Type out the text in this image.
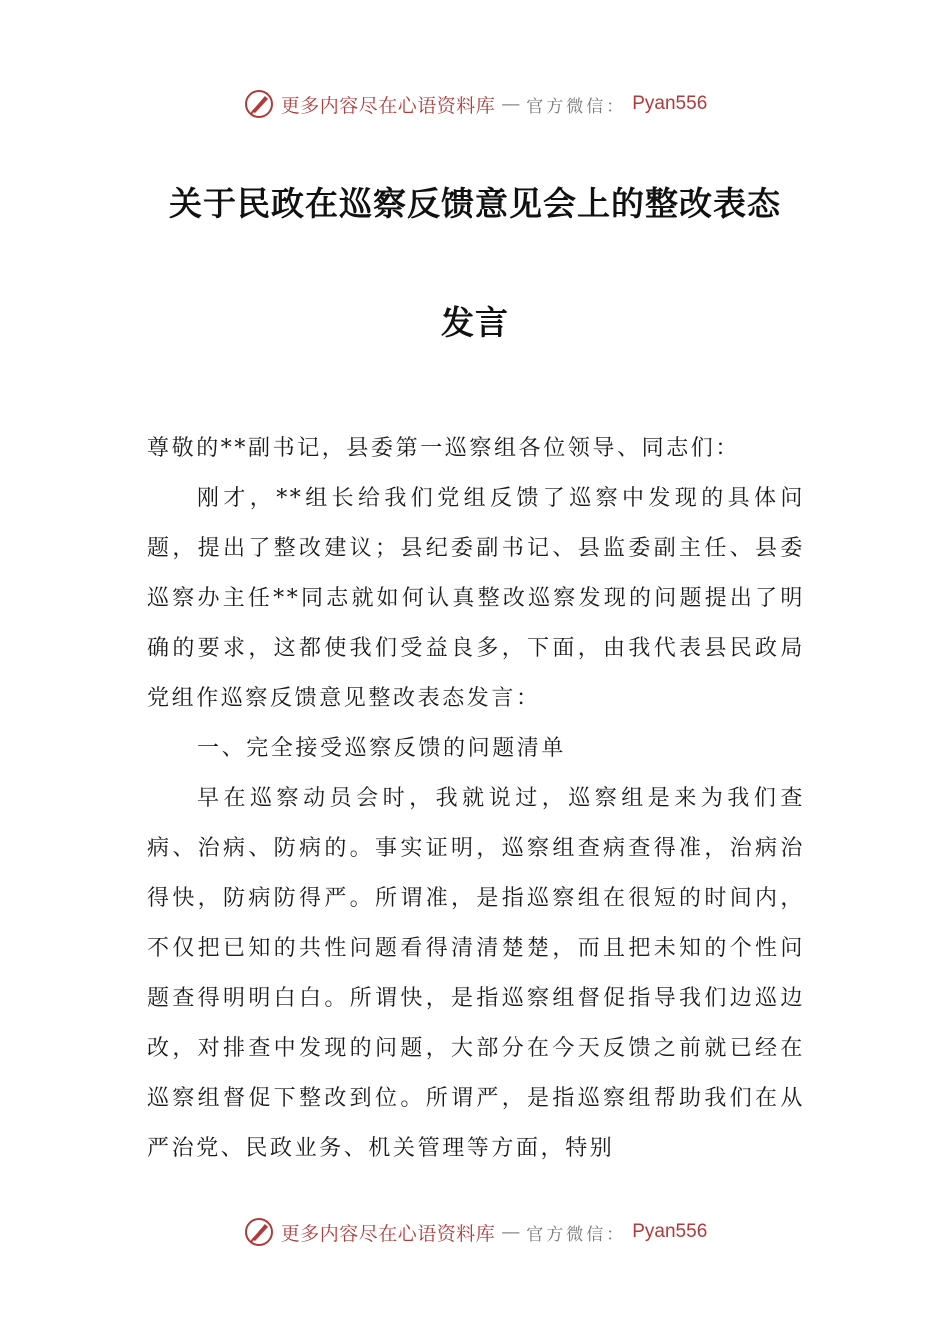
更多内容尽在心语资料库 — 官方微信： Pyan556
关于民政在巡察反馈意见会上的整改表态
发言

尊敬的**副书记，县委第一巡察组各位领导、同志们：

刚才，**组长给我们党组反馈了巡察中发现的具体问题，提出了整改建议；县纪委副书记、县监委副主任、县委巡察办主任**同志就如何认真整改巡察发现的问题提出了明确的要求，这都使我们受益良多，下面，由我代表县民政局党组作巡察反馈意见整改表态发言：

一、完全接受巡察反馈的问题清单

早在巡察动员会时，我就说过，巡察组是来为我们查病、治病、防病的。事实证明，巡察组查病查得准，治病治得快，防病防得严。所谓准，是指巡察组在很短的时间内，不仅把已知的共性问题看得清清楚楚，而且把未知的个性问题查得明明白白。所谓快，是指巡察组督促指导我们边巡边改，对排查中发现的问题，大部分在今天反馈之前就已经在巡察组督促下整改到位。所谓严，是指巡察组帮助我们在从严治党、民政业务、机关管理等方面，特别

更多内容尽在心语资料库 — 官方微信： Pyan556
